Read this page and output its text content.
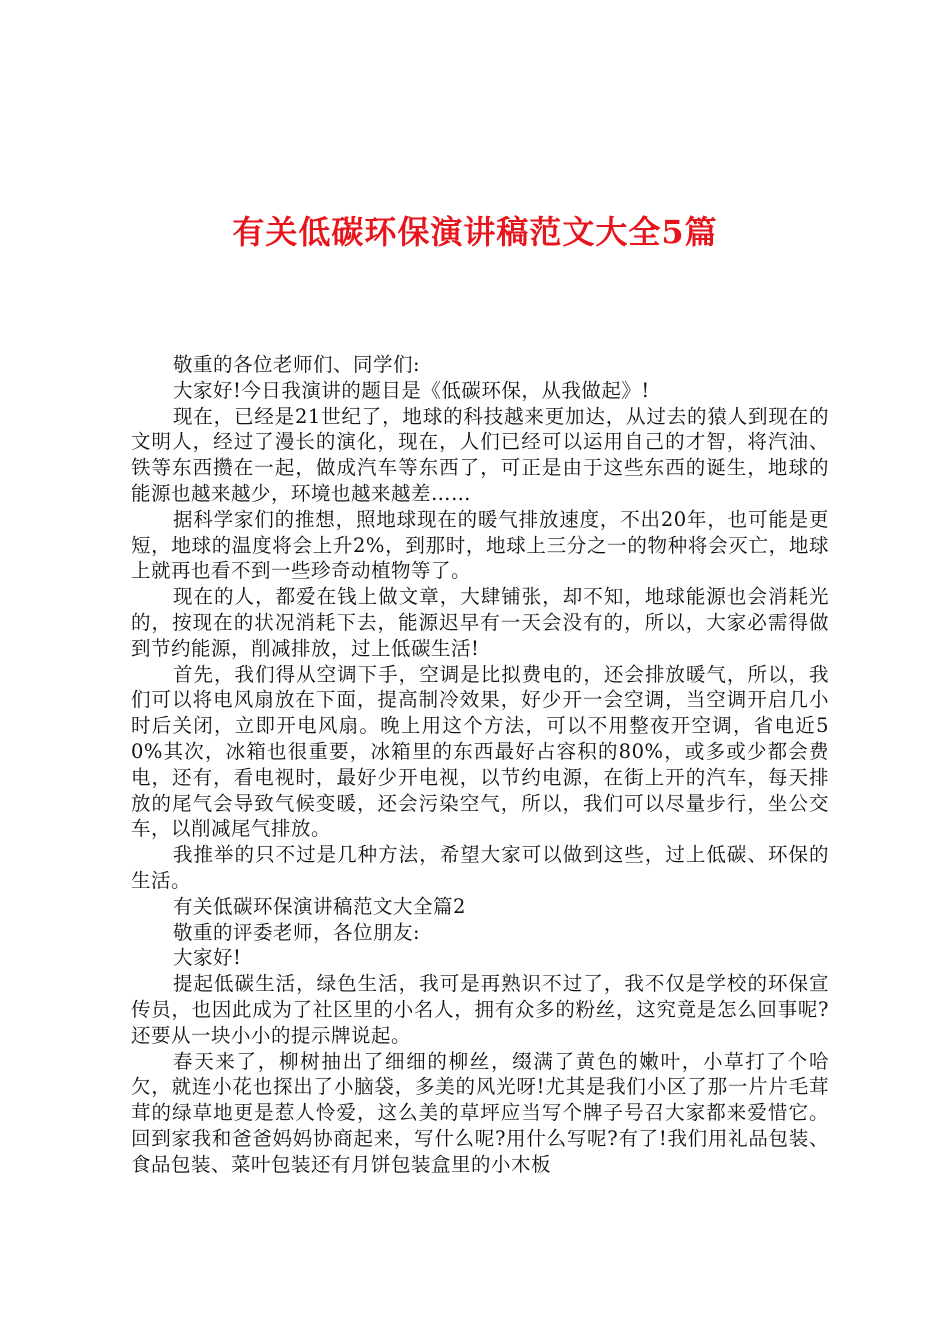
有关低碳环保演讲稿范文大全5篇

敬重的各位老师们、同学们:

大家好!今日我演讲的题目是《低碳环保，从我做起》!

现在，已经是21世纪了，地球的科技越来更加达，从过去的猿人到现在的文明人，经过了漫长的演化，现在，人们已经可以运用自己的才智，将汽油、铁等东西攒在一起，做成汽车等东西了，可正是由于这些东西的诞生，地球的能源也越来越少，环境也越来越差……

据科学家们的推想，照地球现在的暖气排放速度，不出20年，也可能是更短，地球的温度将会上升2%，到那时，地球上三分之一的物种将会灭亡，地球上就再也看不到一些珍奇动植物等了。

现在的人，都爱在钱上做文章，大肆铺张，却不知，地球能源也会消耗光的，按现在的状况消耗下去，能源迟早有一天会没有的，所以，大家必需得做到节约能源，削减排放，过上低碳生活!

首先，我们得从空调下手，空调是比拟费电的，还会排放暖气，所以，我们可以将电风扇放在下面，提高制冷效果，好少开一会空调，当空调开启几小时后关闭，立即开电风扇。晚上用这个方法，可以不用整夜开空调，省电近50%其次，冰箱也很重要，冰箱里的东西最好占容积的80%，或多或少都会费电，还有，看电视时，最好少开电视，以节约电源，在街上开的汽车，每天排放的尾气会导致气候变暖，还会污染空气，所以，我们可以尽量步行，坐公交车，以削减尾气排放。

我推举的只不过是几种方法，希望大家可以做到这些，过上低碳、环保的生活。

有关低碳环保演讲稿范文大全篇2

敬重的评委老师，各位朋友:

大家好!

提起低碳生活，绿色生活，我可是再熟识不过了，我不仅是学校的环保宣传员，也因此成为了社区里的小名人，拥有众多的粉丝，这究竟是怎么回事呢?还要从一块小小的提示牌说起。

春天来了，柳树抽出了细细的柳丝，缀满了黄色的嫩叶，小草打了个哈欠，就连小花也探出了小脑袋，多美的风光呀!尤其是我们小区了那一片片毛茸茸的绿草地更是惹人怜爱，这么美的草坪应当写个牌子号召大家都来爱惜它。回到家我和爸爸妈妈协商起来，写什么呢?用什么写呢?有了!我们用礼品包装、食品包装、菜叶包装还有月饼包装盒里的小木板
